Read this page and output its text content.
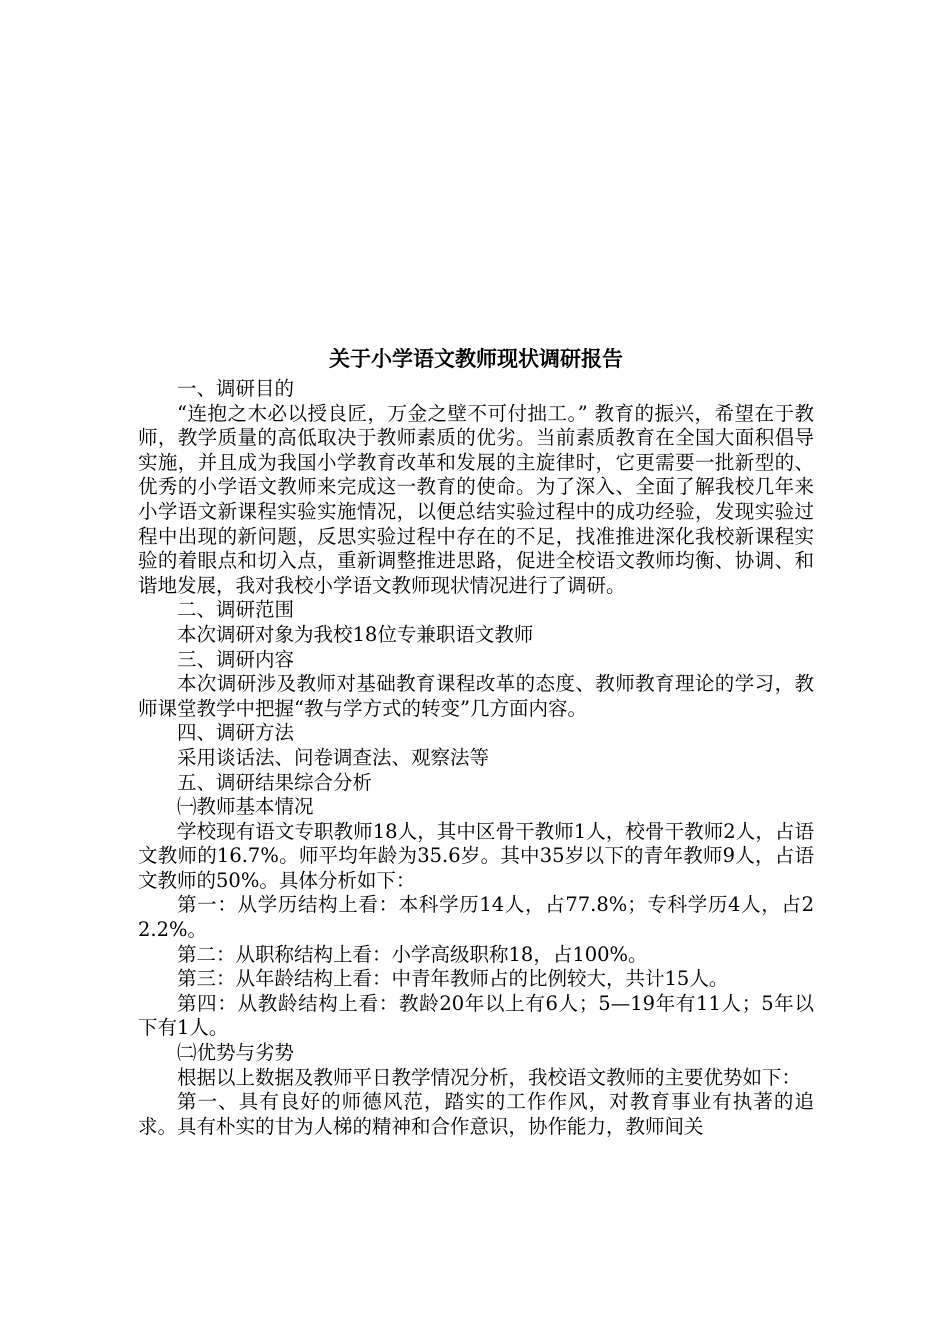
关于小学语文教师现状调研报告

一、调研目的

“连抱之木必以授良匠，万金之壁不可付拙工。” 教育的振兴，希望在于教师，教学质量的高低取决于教师素质的优劣。当前素质教育在全国大面积倡导实施，并且成为我国小学教育改革和发展的主旋律时，它更需要一批新型的、优秀的小学语文教师来完成这一教育的使命。为了深入、全面了解我校几年来小学语文新课程实验实施情况，以便总结实验过程中的成功经验，发现实验过程中出现的新问题，反思实验过程中存在的不足，找准推进深化我校新课程实验的着眼点和切入点，重新调整推进思路，促进全校语文教师均衡、协调、和谐地发展，我对我校小学语文教师现状情况进行了调研。

二、调研范围

本次调研对象为我校18位专兼职语文教师

三、调研内容

本次调研涉及教师对基础教育课程改革的态度、教师教育理论的学习，教师课堂教学中把握“教与学方式的转变”几方面内容。

四、调研方法

采用谈话法、问卷调查法、观察法等

五、调研结果综合分析

㈠教师基本情况

学校现有语文专职教师18人，其中区骨干教师1人，校骨干教师2人，占语文教师的16.7%。师平均年龄为35.6岁。其中35岁以下的青年教师9人，占语文教师的50%。具体分析如下：

第一：从学历结构上看：本科学历14人，占77.8%；专科学历4人，占22.2%。

第二：从职称结构上看：小学高级职称18，占100%。

第三：从年龄结构上看：中青年教师占的比例较大，共计15人。

第四：从教龄结构上看：教龄20年以上有6人；5—19年有11人；5年以下有1人。

㈡优势与劣势

根据以上数据及教师平日教学情况分析，我校语文教师的主要优势如下：

第一、具有良好的师德风范，踏实的工作作风，对教育事业有执著的追求。具有朴实的甘为人梯的精神和合作意识，协作能力，教师间关
